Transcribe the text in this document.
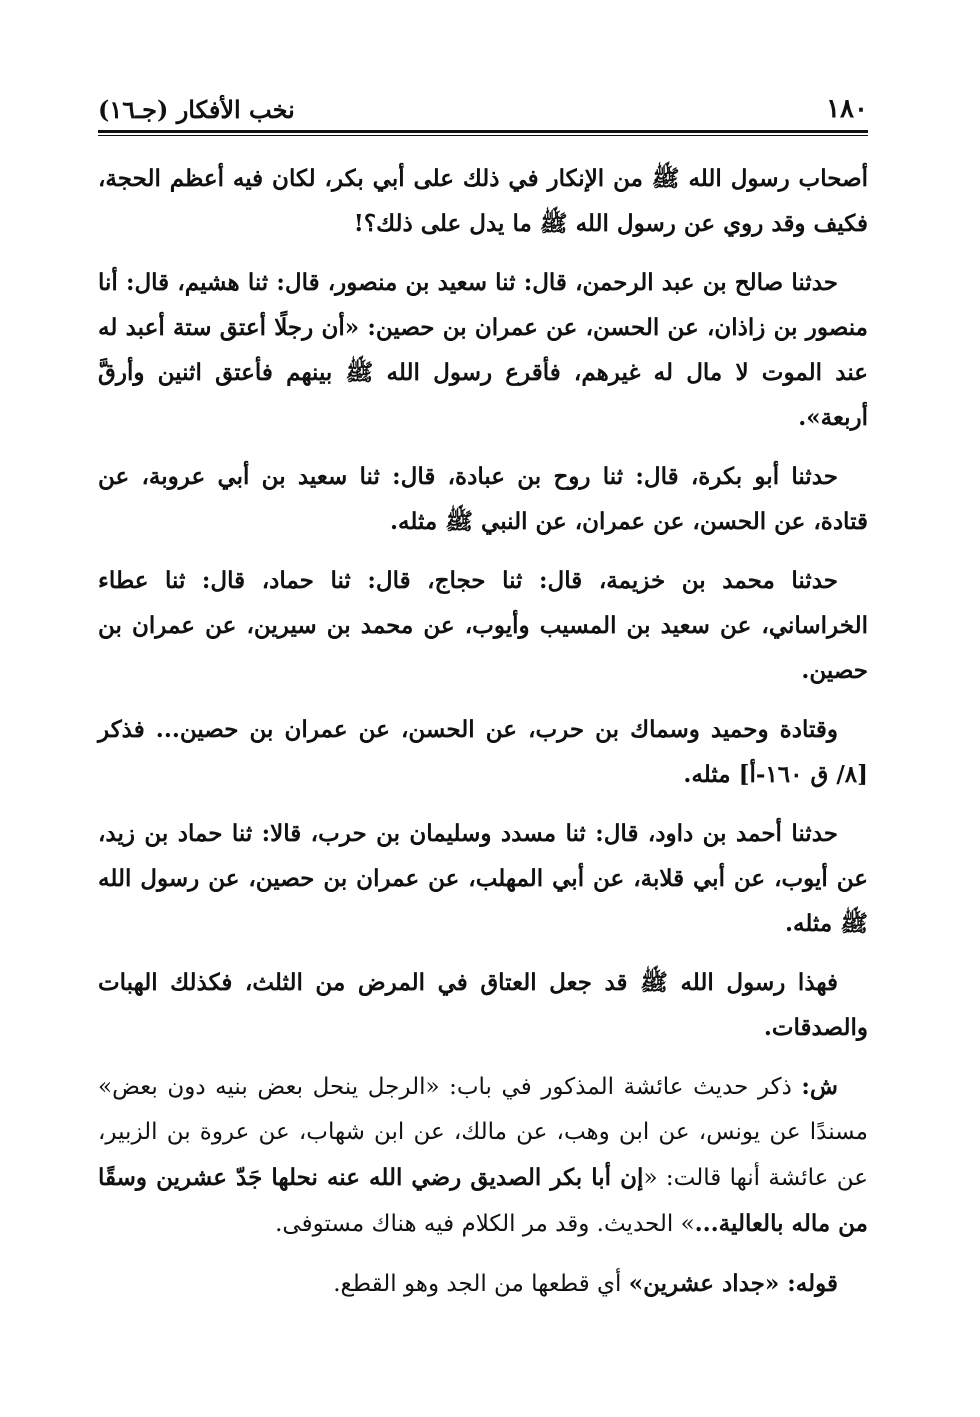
١٨٠
نخب الأفكار (جـ١٦)

أصحاب رسول الله ﷺ من الإنكار في ذلك على أبي بكر، لكان فيه أعظم الحجة، فكيف وقد روي عن رسول الله ﷺ ما يدل على ذلك؟!

حدثنا صالح بن عبد الرحمن، قال: ثنا سعيد بن منصور، قال: ثنا هشيم، قال: أنا منصور بن زاذان، عن الحسن، عن عمران بن حصين: «أن رجلًا أعتق ستة أعبد له عند الموت لا مال له غيرهم، فأقرع رسول الله ﷺ بينهم فأعتق اثنين وأرقَّ أربعة».

حدثنا أبو بكرة، قال: ثنا روح بن عبادة، قال: ثنا سعيد بن أبي عروبة، عن قتادة، عن الحسن، عن عمران، عن النبي ﷺ مثله.

حدثنا محمد بن خزيمة، قال: ثنا حجاج، قال: ثنا حماد، قال: ثنا عطاء الخراساني، عن سعيد بن المسيب وأيوب، عن محمد بن سيرين، عن عمران بن حصين.

وقتادة وحميد وسماك بن حرب، عن الحسن، عن عمران بن حصين... فذكر [٨/ ق ١٦٠-أ] مثله.

حدثنا أحمد بن داود، قال: ثنا مسدد وسليمان بن حرب، قالا: ثنا حماد بن زيد، عن أيوب، عن أبي قلابة، عن أبي المهلب، عن عمران بن حصين، عن رسول الله ﷺ مثله.

فهذا رسول الله ﷺ قد جعل العتاق في المرض من الثلث، فكذلك الهبات والصدقات.

ش: ذكر حديث عائشة المذكور في باب: «الرجل ينحل بعض بنيه دون بعض» مسندًا عن يونس، عن ابن وهب، عن مالك، عن ابن شهاب، عن عروة بن الزبير، عن عائشة أنها قالت: «إن أبا بكر الصديق رضي الله عنه نحلها جَدّ عشرين وسقًا من ماله بالعالية...» الحديث. وقد مر الكلام فيه هناك مستوفى.

قوله: «جداد عشرين» أي قطعها من الجد وهو القطع.
